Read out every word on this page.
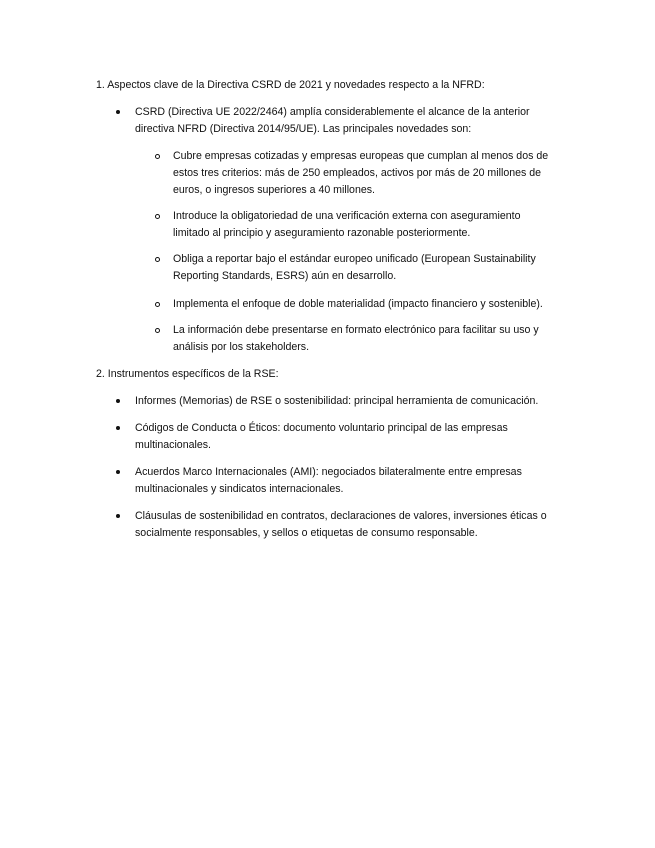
1. Aspectos clave de la Directiva CSRD de 2021 y novedades respecto a la NFRD:

CSRD (Directiva UE 2022/2464) amplía considerablemente el alcance de la anterior directiva NFRD (Directiva 2014/95/UE). Las principales novedades son:
Cubre empresas cotizadas y empresas europeas que cumplan al menos dos de estos tres criterios: más de 250 empleados, activos por más de 20 millones de euros, o ingresos superiores a 40 millones.
Introduce la obligatoriedad de una verificación externa con aseguramiento limitado al principio y aseguramiento razonable posteriormente.
Obliga a reportar bajo el estándar europeo unificado (European Sustainability Reporting Standards, ESRS) aún en desarrollo.
Implementa el enfoque de doble materialidad (impacto financiero y sostenible).
La información debe presentarse en formato electrónico para facilitar su uso y análisis por los stakeholders.

2. Instrumentos específicos de la RSE:

Informes (Memorias) de RSE o sostenibilidad: principal herramienta de comunicación.
Códigos de Conducta o Éticos: documento voluntario principal de las empresas multinacionales.
Acuerdos Marco Internacionales (AMI): negociados bilateralmente entre empresas multinacionales y sindicatos internacionales.
Cláusulas de sostenibilidad en contratos, declaraciones de valores, inversiones éticas o socialmente responsables, y sellos o etiquetas de consumo responsable.
